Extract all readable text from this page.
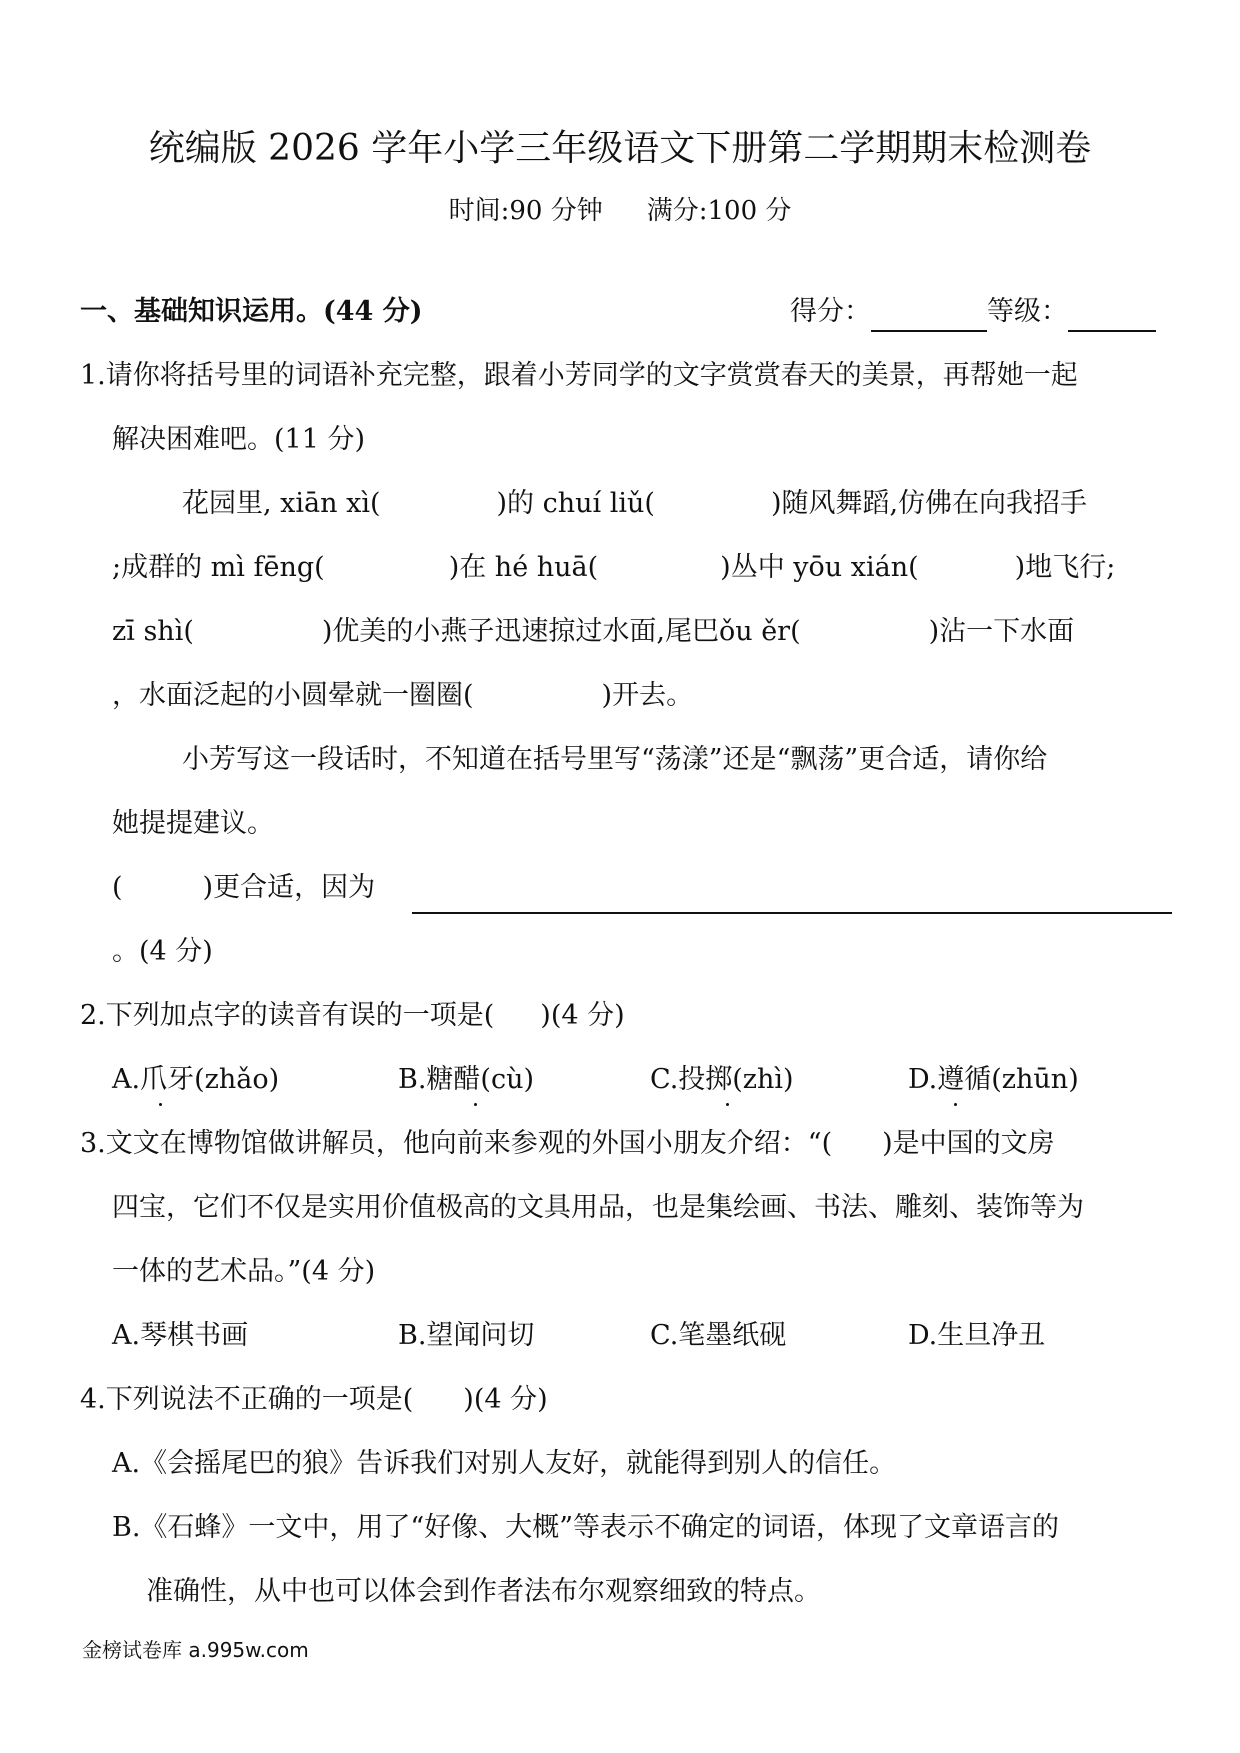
统编版 2026 学年小学三年级语文下册第二学期期末检测卷
时间:90 分钟 满分:100 分
一、基础知识运用。(44 分)	得分：	等级：
1.请你将括号里的词语补充完整，跟着小芳同学的文字赏赏春天的美景，再帮她一起
解决困难吧。(11 分)
花园里, xiān xì(	)的 chuí liǔ(	)随风舞蹈,仿佛在向我招手
;成群的 mì fēng(	)在 hé huā(	)丛中 yōu xián(	)地飞行;
zī shì(	)优美的小燕子迅速掠过水面,尾巴ǒu ěr(	)沾一下水面
，水面泛起的小圆晕就一圈圈(	)开去。
小芳写这一段话时，不知道在括号里写“荡漾”还是“飘荡”更合适，请你给
她提提建议。
(	)更合适，因为
。(4 分)
2.下列加点字的读音有误的一项是( )(4 分)
A.爪牙(zhǎo)	B.糖醋(cù)	C.投掷(zhì)	D.遵循(zhūn)
3.文文在博物馆做讲解员，他向前来参观的外国小朋友介绍：“( )是中国的文房
四宝，它们不仅是实用价值极高的文具用品，也是集绘画、书法、雕刻、装饰等为
一体的艺术品。”(4 分)
A.琴棋书画	B.望闻问切	C.笔墨纸砚	D.生旦净丑
4.下列说法不正确的一项是( )(4 分)
A.《会摇尾巴的狼》告诉我们对别人友好，就能得到别人的信任。
B.《石蜂》一文中，用了“好像、大概”等表示不确定的词语，体现了文章语言的
准确性，从中也可以体会到作者法布尔观察细致的特点。
金榜试卷库 a.995w.com
